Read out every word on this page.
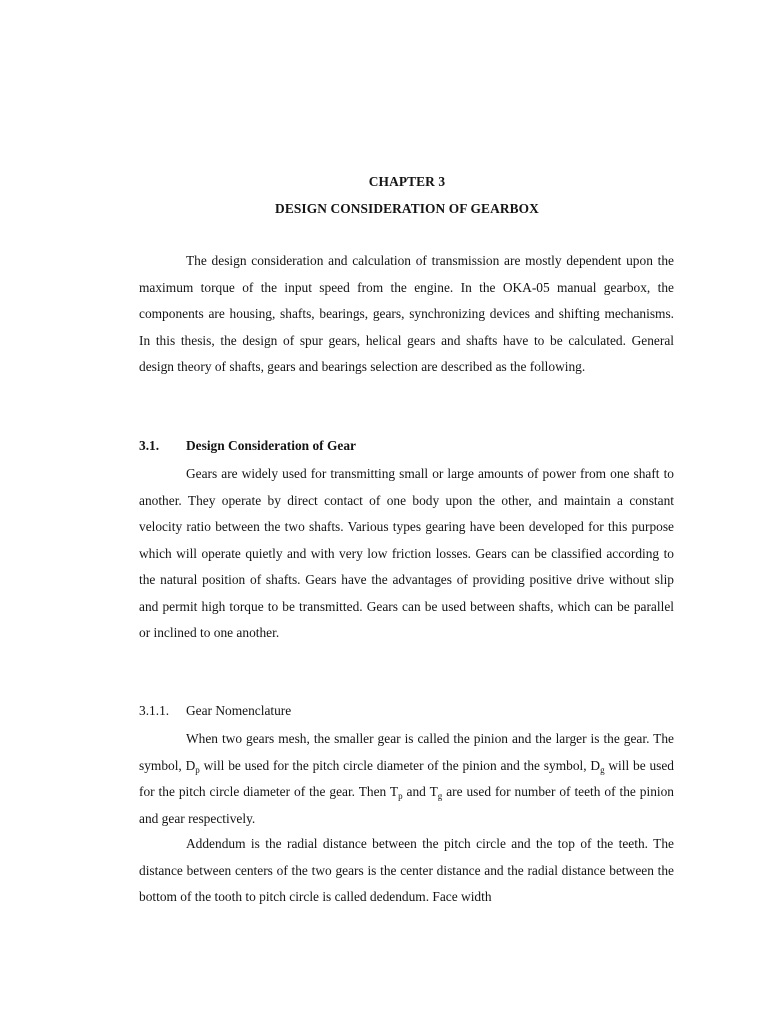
CHAPTER 3
DESIGN CONSIDERATION OF GEARBOX

The design consideration and calculation of transmission are mostly dependent upon the maximum torque of the input speed from the engine. In the OKA-05 manual gearbox, the components are housing, shafts, bearings, gears, synchronizing devices and shifting mechanisms. In this thesis, the design of spur gears, helical gears and shafts have to be calculated. General design theory of shafts, gears and bearings selection are described as the following.

3.1. Design Consideration of Gear

Gears are widely used for transmitting small or large amounts of power from one shaft to another. They operate by direct contact of one body upon the other, and maintain a constant velocity ratio between the two shafts. Various types gearing have been developed for this purpose which will operate quietly and with very low friction losses. Gears can be classified according to the natural position of shafts. Gears have the advantages of providing positive drive without slip and permit high torque to be transmitted. Gears can be used between shafts, which can be parallel or inclined to one another.

3.1.1. Gear Nomenclature

When two gears mesh, the smaller gear is called the pinion and the larger is the gear. The symbol, $D_p$ will be used for the pitch circle diameter of the pinion and the symbol, $D_g$ will be used for the pitch circle diameter of the gear. Then $T_p$ and $T_g$ are used for number of teeth of the pinion and gear respectively.

Addendum is the radial distance between the pitch circle and the top of the teeth. The distance between centers of the two gears is the center distance and the radial distance between the bottom of the tooth to pitch circle is called dedendum. Face width
